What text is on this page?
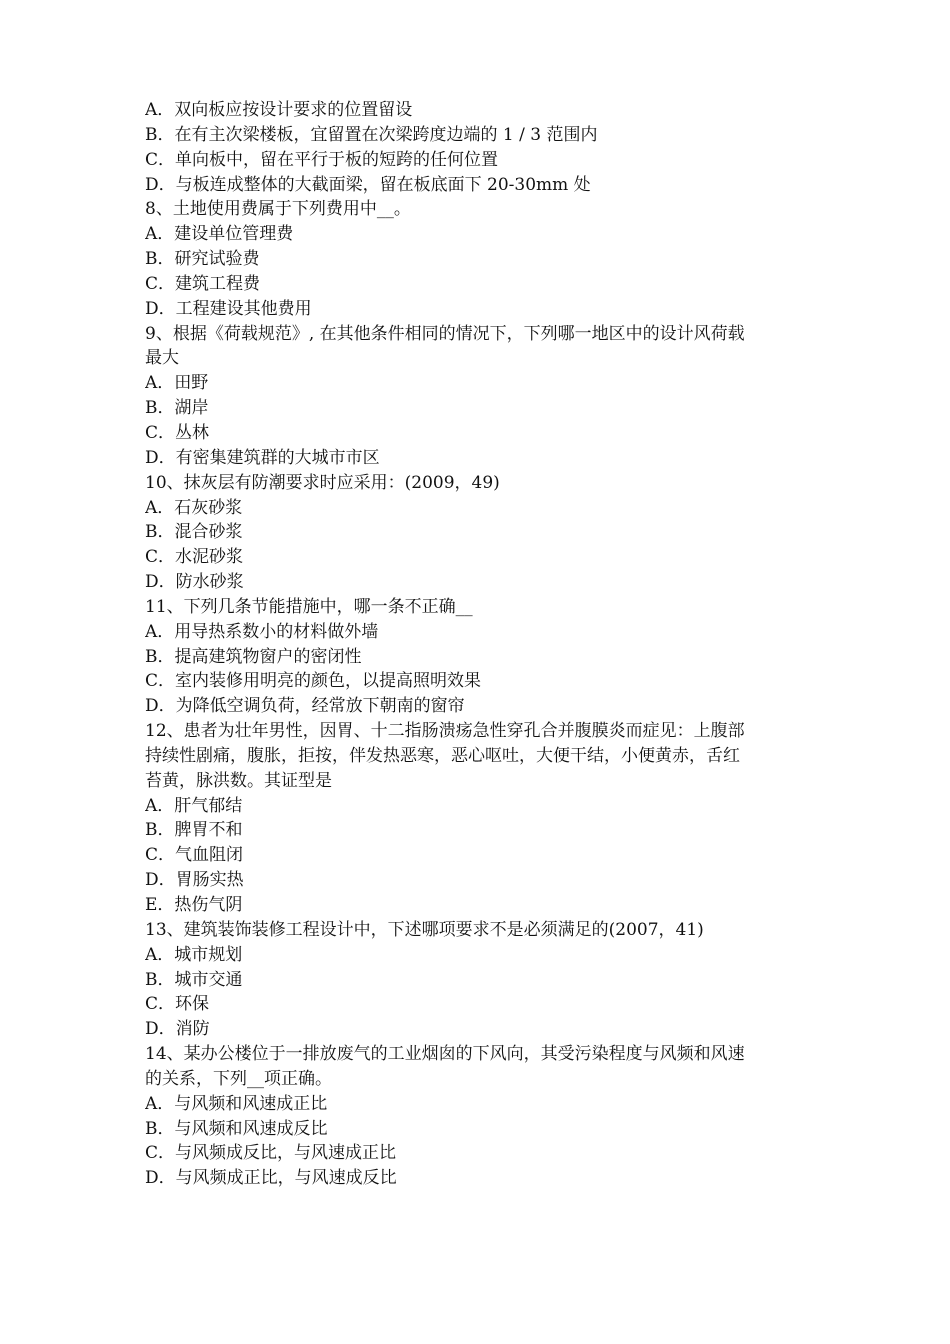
A．双向板应按设计要求的位置留设
B．在有主次梁楼板，宜留置在次梁跨度边端的 1 / 3 范围内
C．单向板中，留在平行于板的短跨的任何位置
D．与板连成整体的大截面梁，留在板底面下 20-30mm 处
8、土地使用费属于下列费用中__。
A．建设单位管理费
B．研究试验费
C．建筑工程费
D．工程建设其他费用
9、根据《荷载规范》, 在其他条件相同的情况下，下列哪一地区中的设计风荷载
最大
A．田野
B．湖岸
C．丛林
D．有密集建筑群的大城市市区
10、抹灰层有防潮要求时应采用：(2009，49)
A．石灰砂浆
B．混合砂浆
C．水泥砂浆
D．防水砂浆
11、下列几条节能措施中，哪一条不正确__
A．用导热系数小的材料做外墙
B．提高建筑物窗户的密闭性
C．室内装修用明亮的颜色，以提高照明效果
D．为降低空调负荷，经常放下朝南的窗帘
12、患者为壮年男性，因胃、十二指肠溃疡急性穿孔合并腹膜炎而症见：上腹部
持续性剧痛，腹胀，拒按，伴发热恶寒，恶心呕吐，大便干结，小便黄赤，舌红
苔黄，脉洪数。其证型是
A．肝气郁结
B．脾胃不和
C．气血阻闭
D．胃肠实热
E．热伤气阴
13、建筑装饰装修工程设计中，下述哪项要求不是必须满足的(2007，41)
A．城市规划
B．城市交通
C．环保
D．消防
14、某办公楼位于一排放废气的工业烟囱的下风向，其受污染程度与风频和风速
的关系，下列__项正确。
A．与风频和风速成正比
B．与风频和风速成反比
C．与风频成反比，与风速成正比
D．与风频成正比，与风速成反比
